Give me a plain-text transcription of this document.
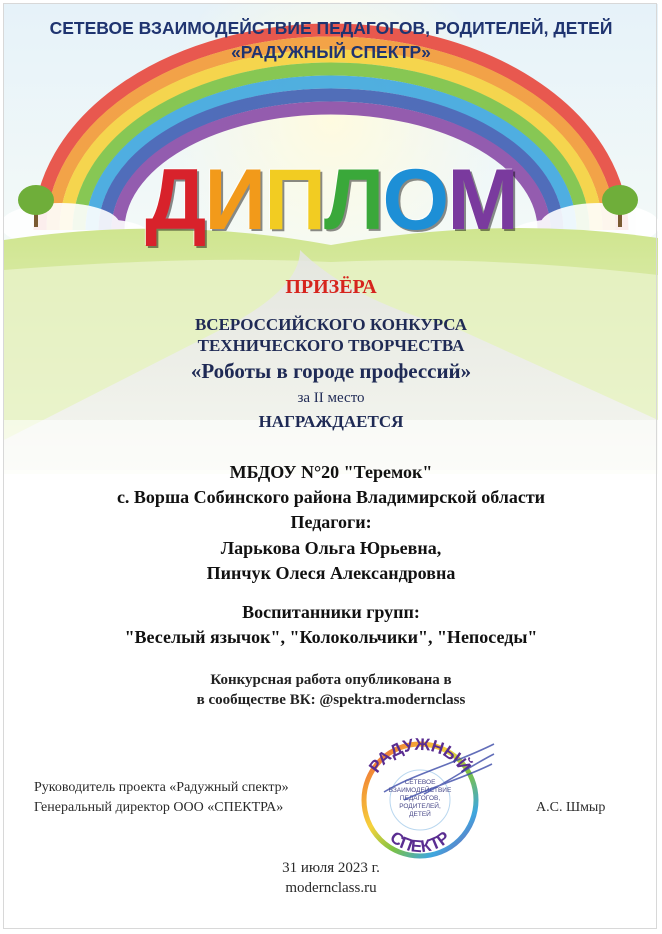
СЕТЕВОЕ ВЗАИМОДЕЙСТВИЕ ПЕДАГОГОВ, РОДИТЕЛЕЙ, ДЕТЕЙ

«РАДУЖНЫЙ СПЕКТР»

ДИПЛОМ

ПРИЗЁРА

ВСЕРОССИЙСКОГО КОНКУРСА

ТЕХНИЧЕСКОГО ТВОРЧЕСТВА

«Роботы в городе профессий»

за II место

НАГРАЖДАЕТСЯ

МБДОУ N°20 "Теремок"

с. Ворша Собинского района Владимирской области

Педагоги:

Ларькова Ольга Юрьевна,

Пинчук Олеся Александровна

Воспитанники групп:

"Веселый язычок", "Колокольчики", "Непоседы"

Конкурсная работа опубликована в

в сообществе ВК: @spektra.modernclass

Руководитель проекта «Радужный спектр»
Генеральный директор ООО «СПЕКТРА»	А.С. Шмыр
РАДУЖНЫЙ
СПЕКТР
СЕТЕВОЕ
ВЗАИМОДЕЙСТВИЕ
ПЕДАГОГОВ,
РОДИТЕЛЕЙ,
ДЕТЕЙ

31 июля 2023 г.

modernclass.ru
